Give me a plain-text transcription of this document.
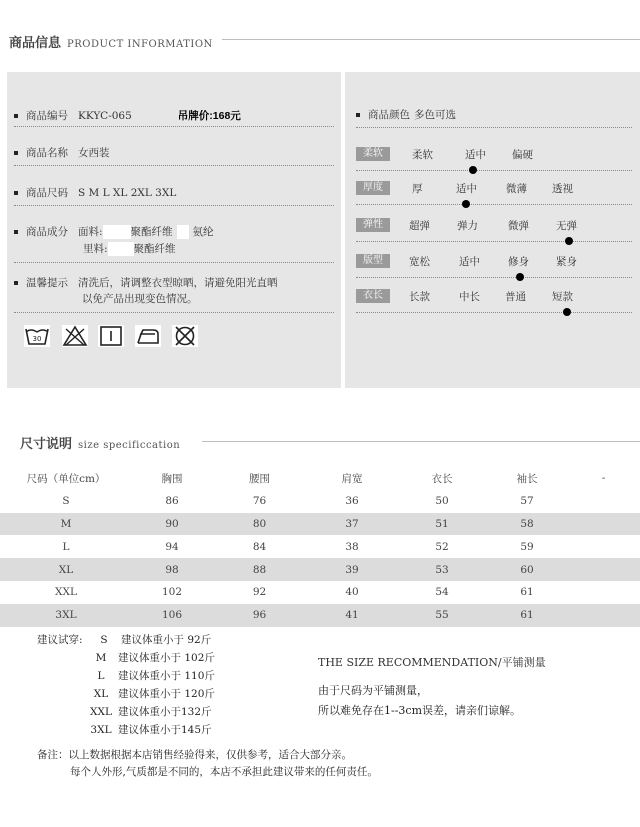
商品信息 PRODUCT INFORMATION
商品编号 KKYC-065	吊牌价:168元
商品名称 女西装
商品尺码 S M L XL 2XL 3XL
商品成分 面料:	聚酯纤维 氨纶
里料: 聚酯纤维
温馨提示 清洗后，请调整衣型晾晒，请避免阳光直晒
以免产品出现变色情况。
30
商品颜色 多色可选
柔软	柔软	适中 偏硬
厚度	厚	适中	微薄 透视
弹性	超弹	弹力	微弹	无弹
版型	宽松	适中	修身	紧身
衣长	长款	中长 普通 短款
尺寸说明 size specificcation
尺码（单位cm）	胸围	腰围	肩宽	衣长	袖长	-
S	86	76	36	50	57	
M	90	80	37	51	58	
L	94	84	38	52	59	
XL	98	88	39	53	60	
XXL	102	92	40	54	61	
3XL	106	96	41	55	61	
建议试穿:	S 建议体重小于 92斤
M 建议体重小于 102斤
L 建议体重小于 110斤
XL 建议体重小于 120斤
XXL 建议体重小于132斤
3XL 建议体重小于145斤
THE SIZE RECOMMENDATION/平铺测量
由于尺码为平铺测量，
所以难免存在1--3cm误差，请亲们谅解。
备注：以上数据根据本店销售经验得来，仅供参考，适合大部分亲。
每个人外形,气质都是不同的，本店不承担此建议带来的任何责任。
